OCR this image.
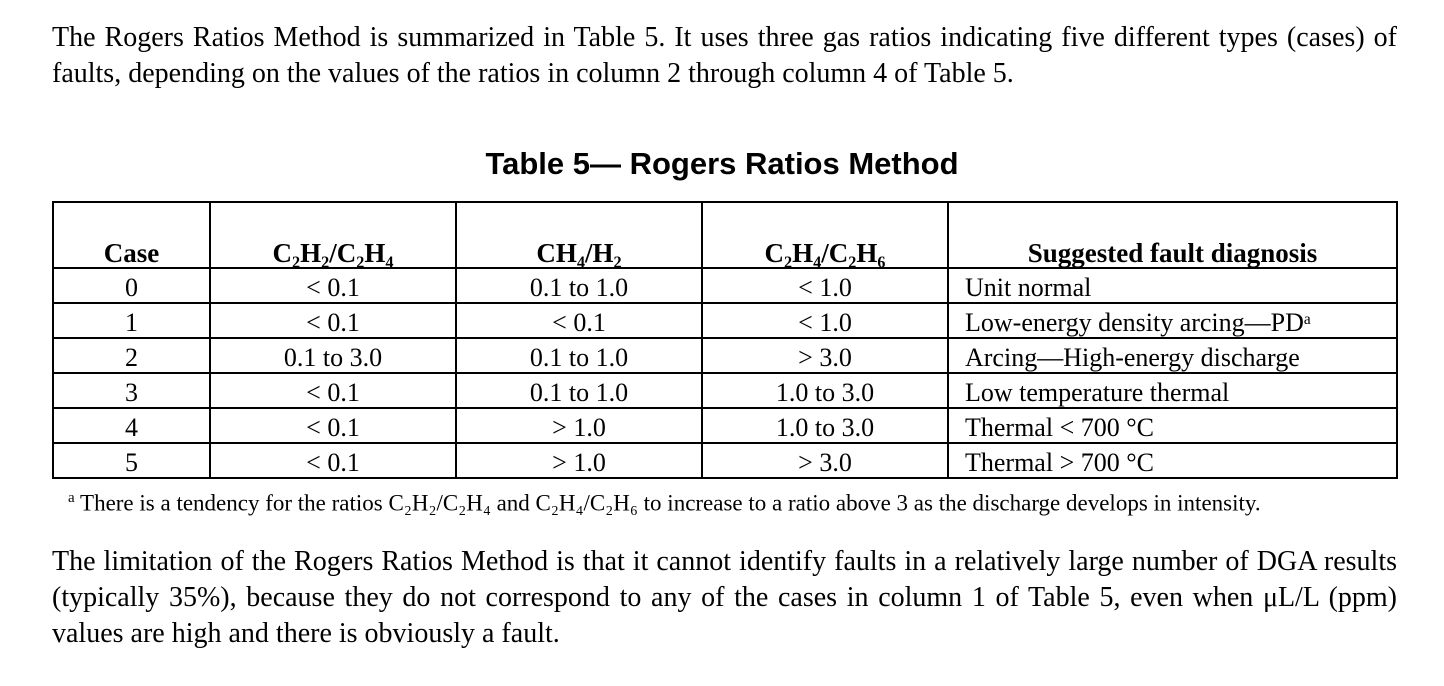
The Rogers Ratios Method is summarized in Table 5. It uses three gas ratios indicating five different types (cases) of faults, depending on the values of the ratios in column 2 through column 4 of Table 5.

Table 5— Rogers Ratios Method
Case	C₂H₂/C₂H₄	CH₄/H₂	C₂H₄/C₂H₆	Suggested fault diagnosis
0	< 0.1	0.1 to 1.0	< 1.0	Unit normal
1	< 0.1	< 0.1	< 1.0	Low-energy density arcing—PDᵃ
2	0.1 to 3.0	0.1 to 1.0	> 3.0	Arcing—High-energy discharge
3	< 0.1	0.1 to 1.0	1.0 to 3.0	Low temperature thermal
4	< 0.1	> 1.0	1.0 to 3.0	Thermal < 700 °C
5	< 0.1	> 1.0	> 3.0	Thermal > 700 °C
$^a$ There is a tendency for the ratios C₂H₂/C₂H₄ and C₂H₄/C₂H₆ to increase to a ratio above 3 as the discharge develops in intensity.

The limitation of the Rogers Ratios Method is that it cannot identify faults in a relatively large number of DGA results (typically 35%), because they do not correspond to any of the cases in column 1 of Table 5, even when μL/L (ppm) values are high and there is obviously a fault.
